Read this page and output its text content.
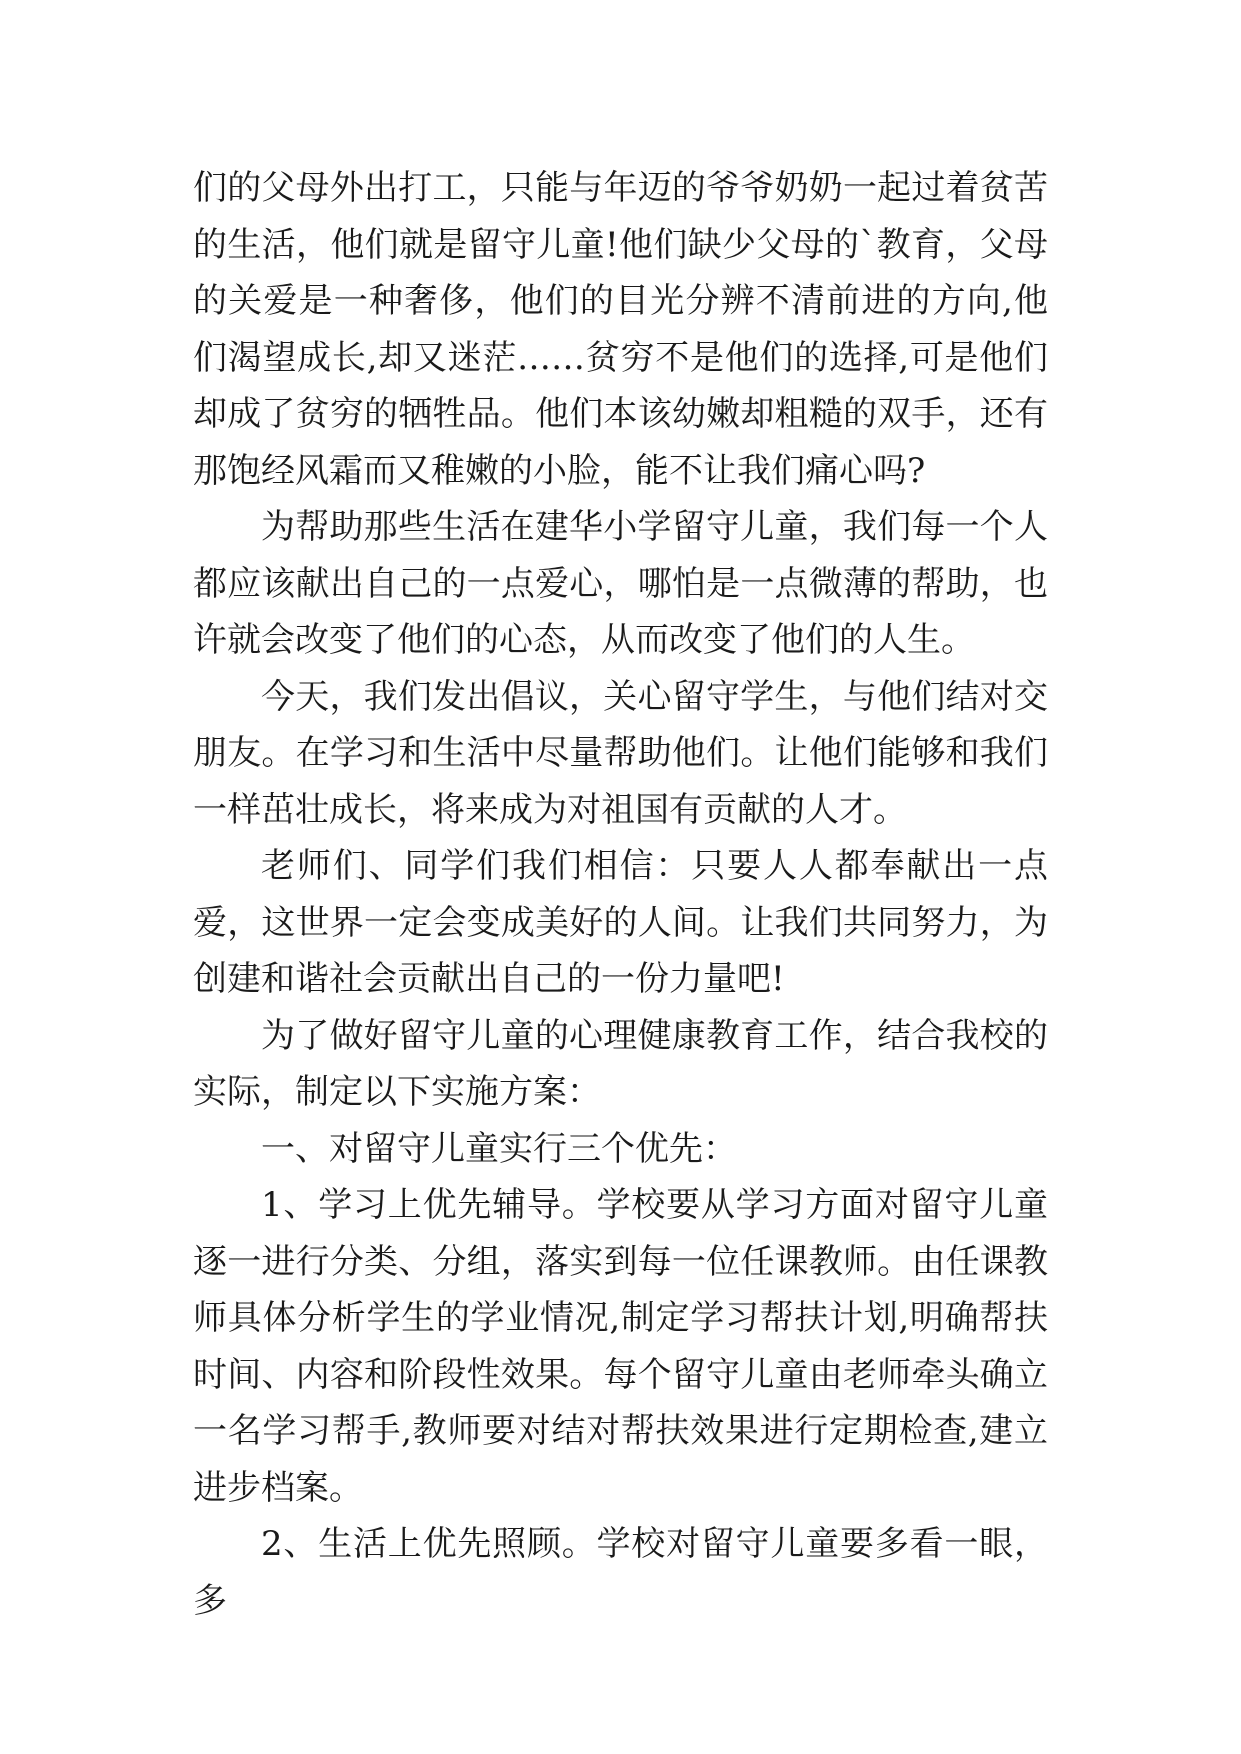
们的父母外出打工，只能与年迈的爷爷奶奶一起过着贫苦的生活，他们就是留守儿童!他们缺少父母的`教育，父母的关爱是一种奢侈，他们的目光分辨不清前进的方向,他们渴望成长,却又迷茫……贫穷不是他们的选择,可是他们却成了贫穷的牺牲品。他们本该幼嫩却粗糙的双手，还有那饱经风霜而又稚嫩的小脸，能不让我们痛心吗?

为帮助那些生活在建华小学留守儿童，我们每一个人都应该献出自己的一点爱心，哪怕是一点微薄的帮助，也许就会改变了他们的心态，从而改变了他们的人生。

今天，我们发出倡议，关心留守学生，与他们结对交朋友。在学习和生活中尽量帮助他们。让他们能够和我们一样茁壮成长，将来成为对祖国有贡献的人才。

老师们、同学们我们相信：只要人人都奉献出一点爱，这世界一定会变成美好的人间。让我们共同努力，为创建和谐社会贡献出自己的一份力量吧!

为了做好留守儿童的心理健康教育工作，结合我校的实际，制定以下实施方案：

一、对留守儿童实行三个优先：

1、学习上优先辅导。学校要从学习方面对留守儿童逐一进行分类、分组，落实到每一位任课教师。由任课教师具体分析学生的学业情况,制定学习帮扶计划,明确帮扶时间、内容和阶段性效果。每个留守儿童由老师牵头确立一名学习帮手,教师要对结对帮扶效果进行定期检查,建立进步档案。

2、生活上优先照顾。学校对留守儿童要多看一眼，多
